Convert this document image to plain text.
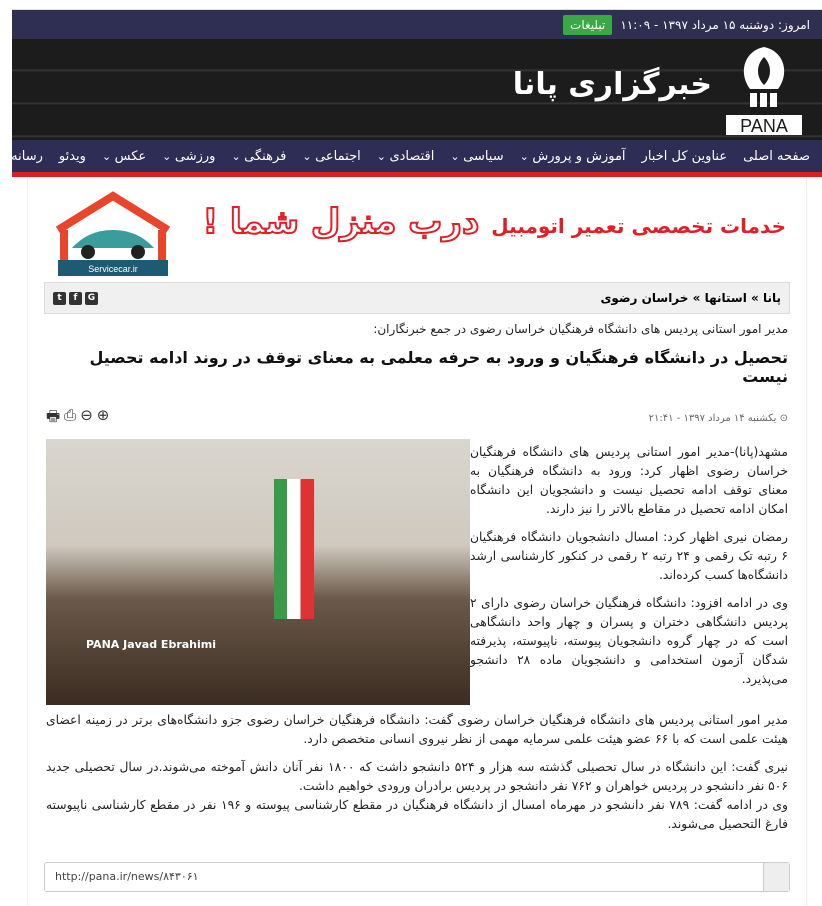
امروز: دوشنبه ۱۵ مرداد ۱۳۹۷ - ۱۱:۰۹
تبلیغات
PANA
خبرگزاری پانا
صفحه اصلی
عناوین کل اخبار
آموزش و پرورش ⌄
سیاسی ⌄
اقتصادی ⌄
اجتماعی ⌄
فرهنگی ⌄
ورزشی ⌄
عکس ⌄
ویدئو
رسانه‌ها
خدمات تخصصی تعمیر اتومبیل درب منزل شما !
Servicecar.ir
پانا » استانها » خراسان رضوی
t	f	G
مدیر امور استانی پردیس های دانشگاه فرهنگیان خراسان رضوی در جمع خبرنگاران:
تحصیل در دانشگاه فرهنگیان و ورود به حرفه معلمی به معنای توقف در روند ادامه تحصیل نیست
⊙ یکشنبه ۱۴ مرداد ۱۳۹۷ - ۲۱:۴۱
🖶 ⎙ ⊖ ⊕
PANA Javad Ebrahimi

مشهد(پانا)-مدیر امور استانی پردیس های دانشگاه فرهنگیان خراسان رضوی اظهار کرد: ورود به دانشگاه فرهنگیان به معنای توقف ادامه تحصیل نیست و دانشجویان این دانشگاه امکان ادامه تحصیل در مقاطع بالاتر را نیز دارند.

رمضان نیری اظهار کرد: امسال دانشجویان دانشگاه فرهنگیان ۶ رتبه تک رقمی و ۲۴ رتبه ۲ رقمی در کنکور کارشناسی ارشد دانشگاه‌ها کسب کرده‌اند.

وی در ادامه افزود: دانشگاه فرهنگیان خراسان رضوی دارای ۲ پردیس دانشگاهی دختران و پسران و چهار واحد دانشگاهی است که در چهار گروه دانشجویان پیوسته، ناپیوسته، پذیرفته شدگان آزمون استخدامی و دانشجویان ماده ۲۸ دانشجو می‌پذیرد.

مدیر امور استانی پردیس های دانشگاه فرهنگیان خراسان رضوی گفت: دانشگاه فرهنگیان خراسان رضوی جزو دانشگاه‌های برتر در زمینه اعضای هیئت علمی است که با ۶۶ عضو هیئت علمی سرمایه مهمی از نظر نیروی انسانی متخصص دارد.

نیری گفت: این دانشگاه در سال تحصیلی گذشته سه هزار و ۵۲۴ دانشجو داشت که ۱۸۰۰ نفر آنان دانش آموخته می‌شوند.در سال تحصیلی جدید ۵۰۶ نفر دانشجو در پردیس خواهران و ۷۶۲ نفر دانشجو در پردیس برادران ورودی خواهیم داشت.

وی در ادامه گفت: ۷۸۹ نفر دانشجو در مهرماه امسال از دانشگاه فرهنگیان در مقطع کارشناسی پیوسته و ۱۹۶ نفر در مقطع کارشناسی ناپیوسته فارغ التحصیل می‌شوند.

http://pana.ir/news/۸۴۳۰۶۱
